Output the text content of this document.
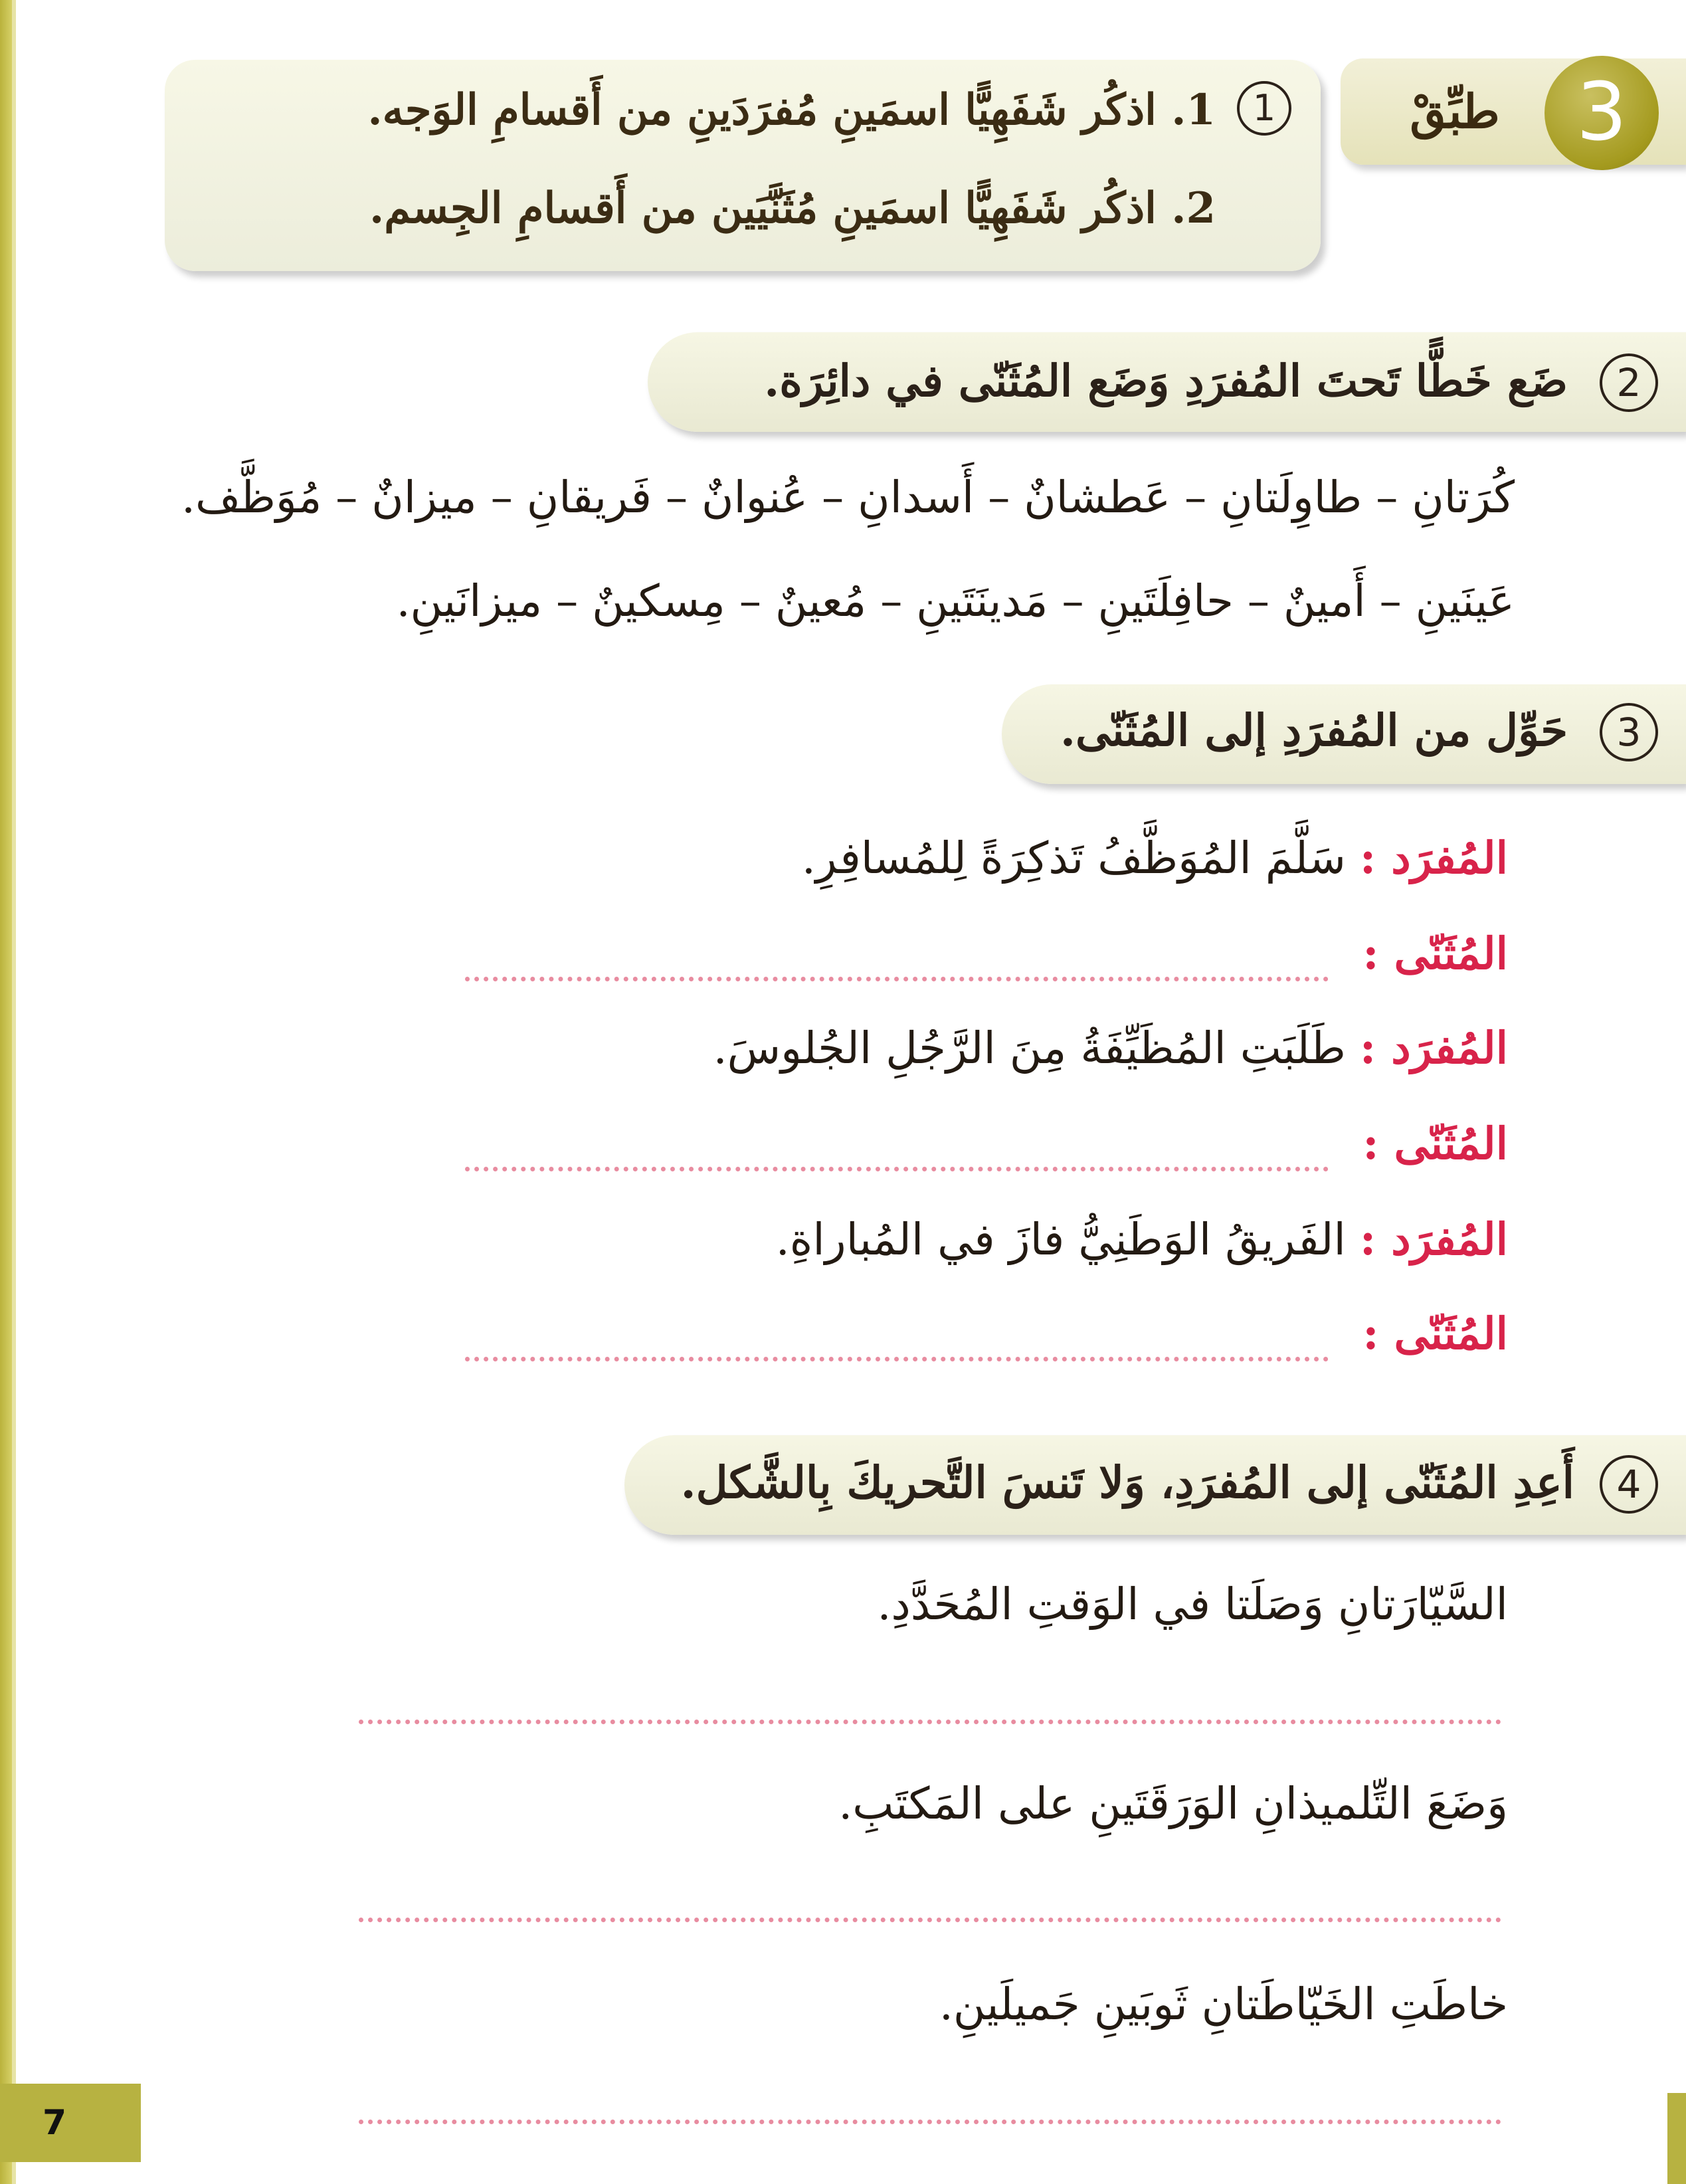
3
طبِّقْ
1
1. اذكُر شَفَهِيًّا اسمَينِ مُفرَدَينِ من أَقسامِ الوَجه.
2. اذكُر شَفَهِيًّا اسمَينِ مُثَنَّيَين من أَقسامِ الجِسم.
2
ضَع خَطًّا تَحتَ المُفرَدِ وَضَع المُثَنّى في دائِرَة.
كُرَتانِ – طاوِلَتانِ – عَطشانٌ – أَسدانِ – عُنوانٌ – فَريقانِ – ميزانٌ – مُوَظَّف.
عَينَينِ – أَمينٌ – حافِلَتَينِ – مَدينَتَينِ – مُعينٌ – مِسكينٌ – ميزانَينِ.
3
حَوِّل من المُفرَدِ إلى المُثَنّى.
المُفرَد : سَلَّمَ المُوَظَّفُ تَذكِرَةً لِلمُسافِرِ.
المُثَنّى :
المُفرَد : طَلَبَتِ المُظَيِّفَةُ مِنَ الرَّجُلِ الجُلوسَ.
المُثَنّى :
المُفرَد : الفَريقُ الوَطَنِيُّ فازَ في المُباراةِ.
المُثَنّى :
4
أَعِدِ المُثَنّى إلى المُفرَدِ، وَلا تَنسَ التَّحريكَ بِالشَّكل.
السَّيّارَتانِ وَصَلَتا في الوَقتِ المُحَدَّدِ.
وَضَعَ التِّلميذانِ الوَرَقَتَينِ على المَكتَبِ.
خاطَتِ الخَيّاطَتانِ ثَوبَينِ جَميلَينِ.
7
